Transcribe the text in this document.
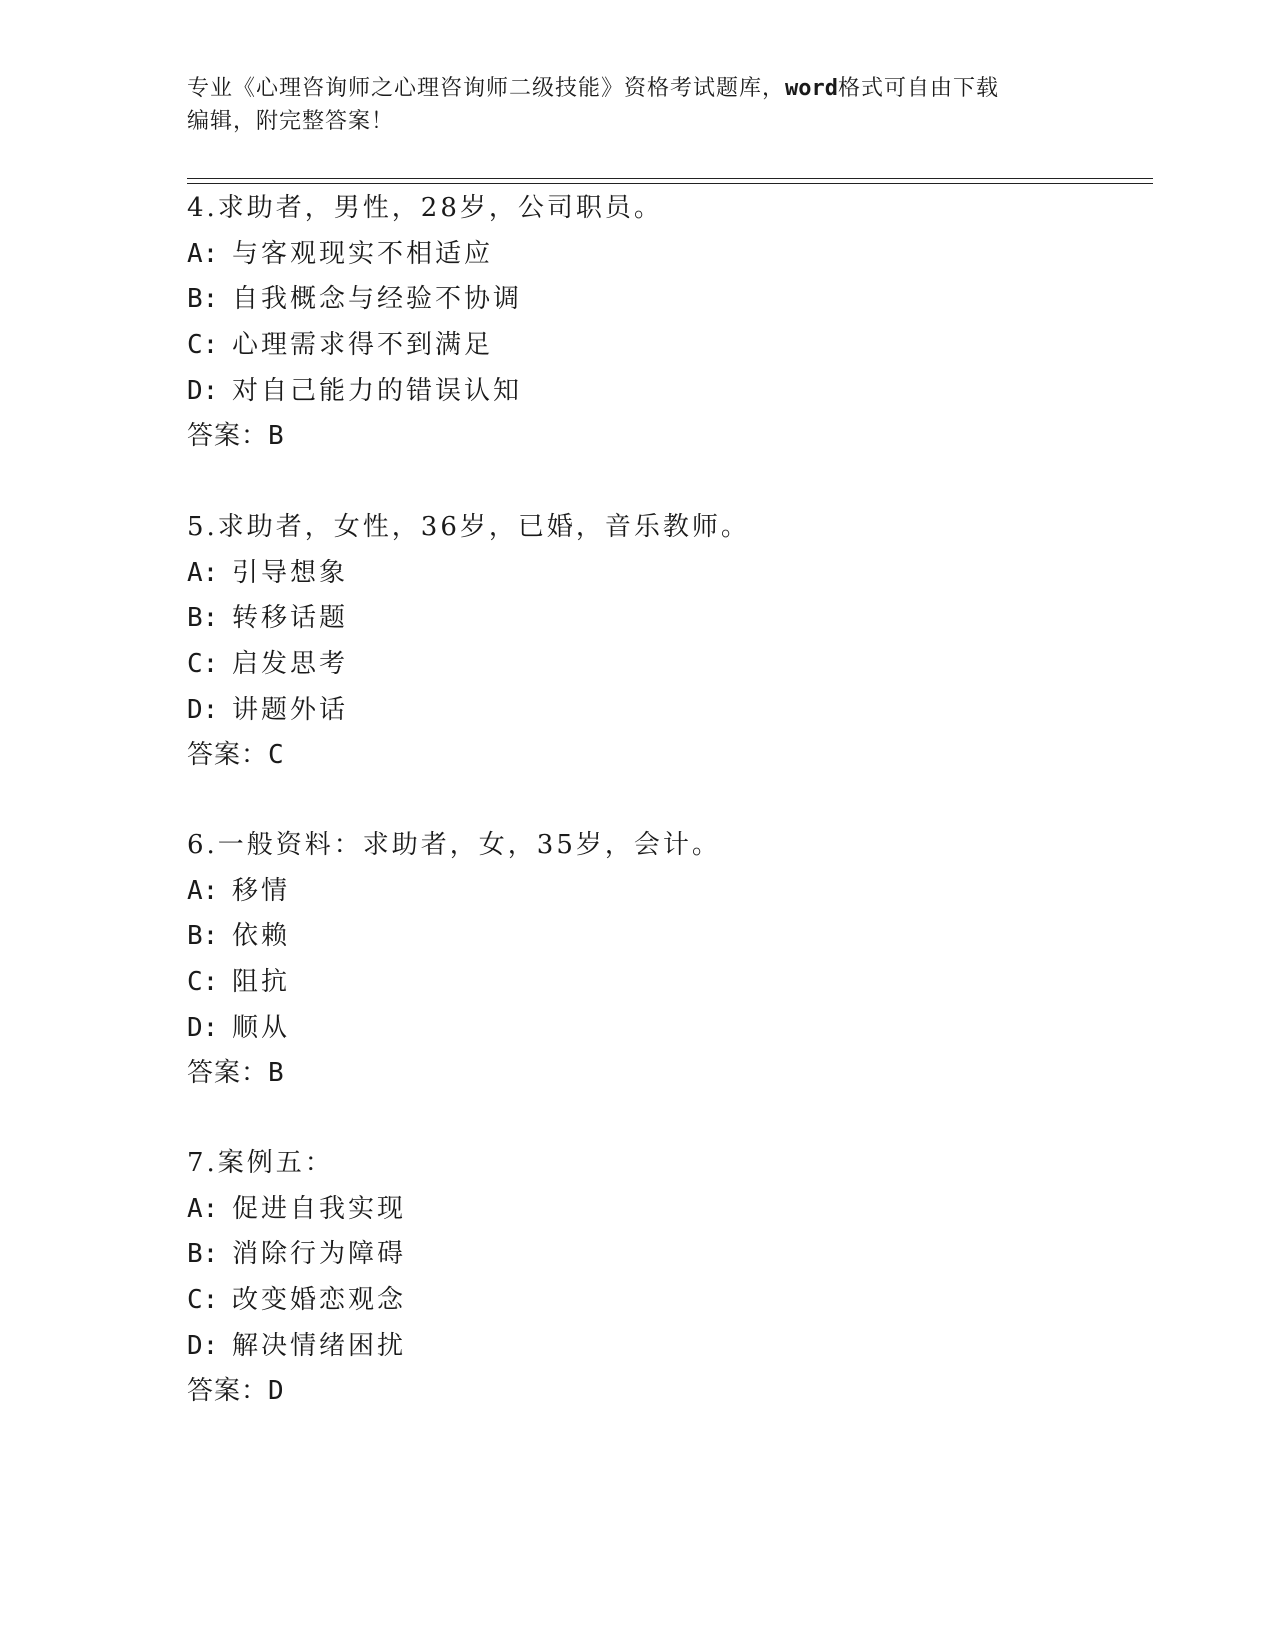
专业《心理咨询师之心理咨询师二级技能》资格考试题库，word格式可自由下载
编辑，附完整答案！
4.求助者，男性，28岁，公司职员。
A: 与客观现实不相适应
B: 自我概念与经验不协调
C: 心理需求得不到满足
D: 对自己能力的错误认知
答案：B
5.求助者，女性，36岁，已婚，音乐教师。
A: 引导想象
B: 转移话题
C: 启发思考
D: 讲题外话
答案：C
6.一般资料：求助者，女，35岁，会计。
A: 移情
B: 依赖
C: 阻抗
D: 顺从
答案：B
7.案例五：
A: 促进自我实现
B: 消除行为障碍
C: 改变婚恋观念
D: 解决情绪困扰
答案：D
